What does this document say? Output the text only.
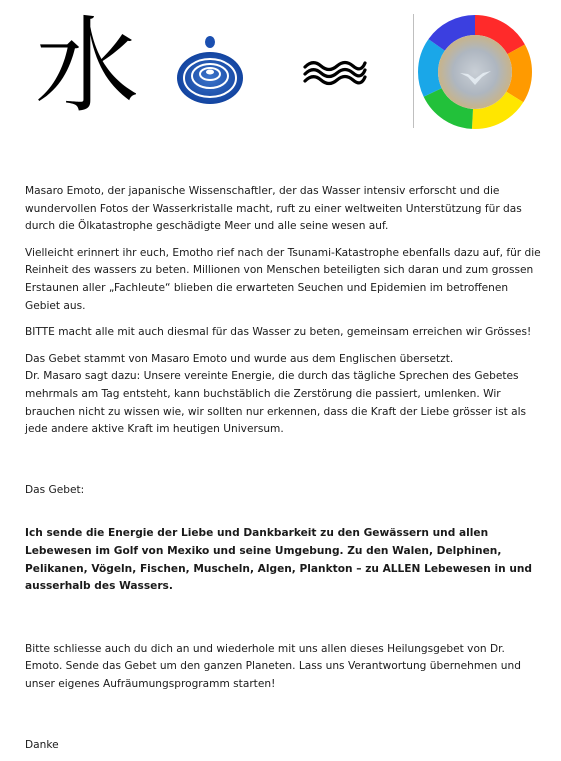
水

Masaro Emoto, der japanische Wissenschaftler, der das Wasser intensiv erforscht und die wundervollen Fotos der Wasserkristalle macht, ruft zu einer weltweiten Unterstützung für das durch die Ölkatastrophe geschädigte Meer und alle seine wesen auf.

Vielleicht erinnert ihr euch, Emotho rief nach der Tsunami-Katastrophe ebenfalls dazu auf, für die Reinheit des wassers zu beten. Millionen von Menschen beteiligten sich daran und zum grossen Erstaunen aller „Fachleute“ blieben die erwarteten Seuchen und Epidemien im betroffenen Gebiet aus.

BITTE macht alle mit auch diesmal für das Wasser zu beten, gemeinsam erreichen wir Grösses!

Das Gebet stammt von Masaro Emoto und wurde aus dem Englischen übersetzt.

Dr. Masaro sagt dazu: Unsere vereinte Energie, die durch das tägliche Sprechen des Gebetes mehrmals am Tag entsteht, kann buchstäblich die Zerstörung die passiert, umlenken. Wir brauchen nicht zu wissen wie, wir sollten nur erkennen, dass die Kraft der Liebe grösser ist als jede andere aktive Kraft im heutigen Universum.

Das Gebet:

Ich sende die Energie der Liebe und Dankbarkeit zu den Gewässern und allen Lebewesen im Golf von Mexiko und seine Umgebung. Zu den Walen, Delphinen, Pelikanen, Vögeln, Fischen, Muscheln, Algen, Plankton – zu ALLEN Lebewesen in und ausserhalb des Wassers.

Bitte schliesse auch du dich an und wiederhole mit uns allen dieses Heilungsgebet von Dr. Emoto. Sende das Gebet um den ganzen Planeten. Lass uns Verantwortung übernehmen und unser eigenes Aufräumungsprogramm starten!

Danke
